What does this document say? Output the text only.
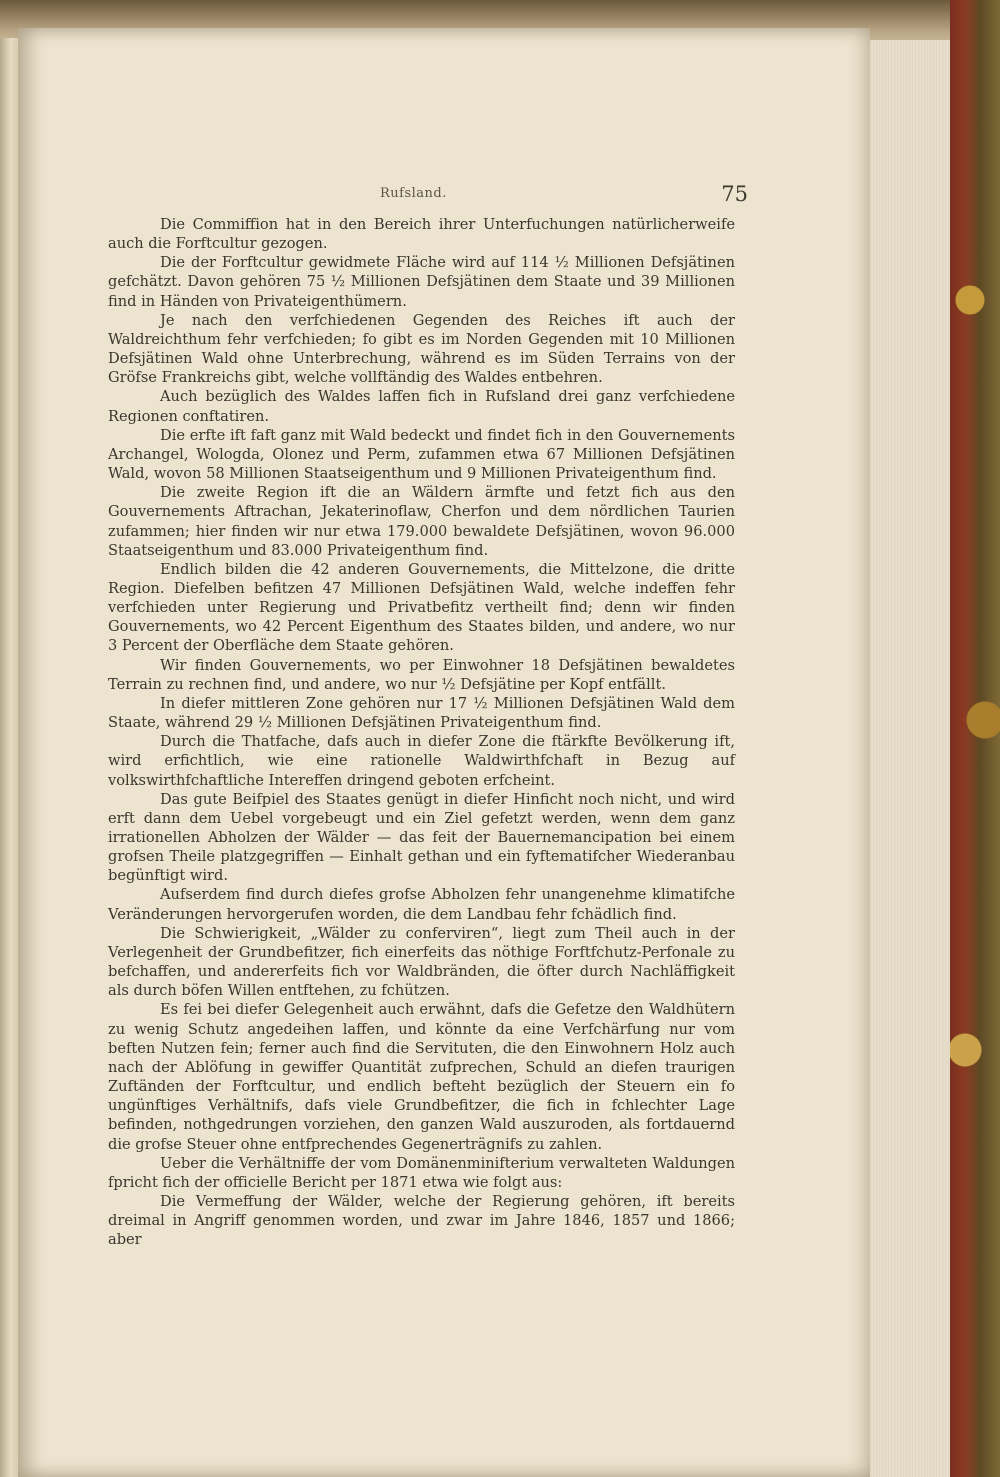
Rufsland.	75

Die Commiffion hat in den Bereich ihrer Unterfuchungen natürlicherweife auch die Forftcultur gezogen.

Die der Forftcultur gewidmete Fläche wird auf 114 ½ Millionen Defsjätinen gefchätzt. Davon gehören 75 ½ Millionen Defsjätinen dem Staate und 39 Millionen find in Händen von Privateigenthümern.

Je nach den verfchiedenen Gegenden des Reiches ift auch der Waldreichthum fehr verfchieden; fo gibt es im Norden Gegenden mit 10 Millionen Defsjätinen Wald ohne Unterbrechung, während es im Süden Terrains von der Gröfse Frankreichs gibt, welche vollftändig des Waldes entbehren.

Auch bezüglich des Waldes laffen fich in Rufsland drei ganz verfchiedene Regionen conftatiren.

Die erfte ift faft ganz mit Wald bedeckt und findet fich in den Gouvernements Archangel, Wologda, Olonez und Perm, zufammen etwa 67 Millionen Defsjätinen Wald, wovon 58 Millionen Staatseigenthum und 9 Millionen Privateigenthum find.

Die zweite Region ift die an Wäldern ärmfte und fetzt fich aus den Gouvernements Aftrachan, Jekaterinoflaw, Cherfon und dem nördlichen Taurien zufammen; hier finden wir nur etwa 179.000 bewaldete Defsjätinen, wovon 96.000 Staatseigenthum und 83.000 Privateigenthum find.

Endlich bilden die 42 anderen Gouvernements, die Mittelzone, die dritte Region. Diefelben befitzen 47 Millionen Defsjätinen Wald, welche indeffen fehr verfchieden unter Regierung und Privatbefitz vertheilt find; denn wir finden Gouvernements, wo 42 Percent Eigenthum des Staates bilden, und andere, wo nur 3 Percent der Oberfläche dem Staate gehören.

Wir finden Gouvernements, wo per Einwohner 18 Defsjätinen bewaldetes Terrain zu rechnen find, und andere, wo nur ½ Defsjätine per Kopf entfällt.

In diefer mittleren Zone gehören nur 17 ½ Millionen Defsjätinen Wald dem Staate, während 29 ½ Millionen Defsjätinen Privateigenthum find.

Durch die Thatfache, dafs auch in diefer Zone die ftärkfte Bevölkerung ift, wird erfichtlich, wie eine rationelle Waldwirthfchaft in Bezug auf volkswirthfchaftliche Intereffen dringend geboten erfcheint.

Das gute Beifpiel des Staates genügt in diefer Hinficht noch nicht, und wird erft dann dem Uebel vorgebeugt und ein Ziel gefetzt werden, wenn dem ganz irrationellen Abholzen der Wälder — das feit der Bauernemancipation bei einem grofsen Theile platzgegriffen — Einhalt gethan und ein fyftematifcher Wiederanbau begünftigt wird.

Aufserdem find durch diefes grofse Abholzen fehr unangenehme klimatifche Veränderungen hervorgerufen worden, die dem Landbau fehr fchädlich find.

Die Schwierigkeit, „Wälder zu conferviren“, liegt zum Theil auch in der Verlegenheit der Grundbefitzer, fich einerfeits das nöthige Forftfchutz-Perfonale zu befchaffen, und andererfeits fich vor Waldbränden, die öfter durch Nachläffigkeit als durch böfen Willen entftehen, zu fchützen.

Es fei bei diefer Gelegenheit auch erwähnt, dafs die Gefetze den Waldhütern zu wenig Schutz angedeihen laffen, und könnte da eine Verfchärfung nur vom beften Nutzen fein; ferner auch find die Servituten, die den Einwohnern Holz auch nach der Ablöfung in gewiffer Quantität zufprechen, Schuld an diefen traurigen Zuftänden der Forftcultur, und endlich befteht bezüglich der Steuern ein fo ungünftiges Verhältnifs, dafs viele Grundbefitzer, die fich in fchlechter Lage befinden, nothgedrungen vorziehen, den ganzen Wald auszuroden, als fortdauernd die grofse Steuer ohne entfprechendes Gegenerträgnifs zu zahlen.

Ueber die Verhältniffe der vom Domänenminifterium verwalteten Waldungen fpricht fich der officielle Bericht per 1871 etwa wie folgt aus:

Die Vermeffung der Wälder, welche der Regierung gehören, ift bereits dreimal in Angriff genommen worden, und zwar im Jahre 1846, 1857 und 1866; aber
